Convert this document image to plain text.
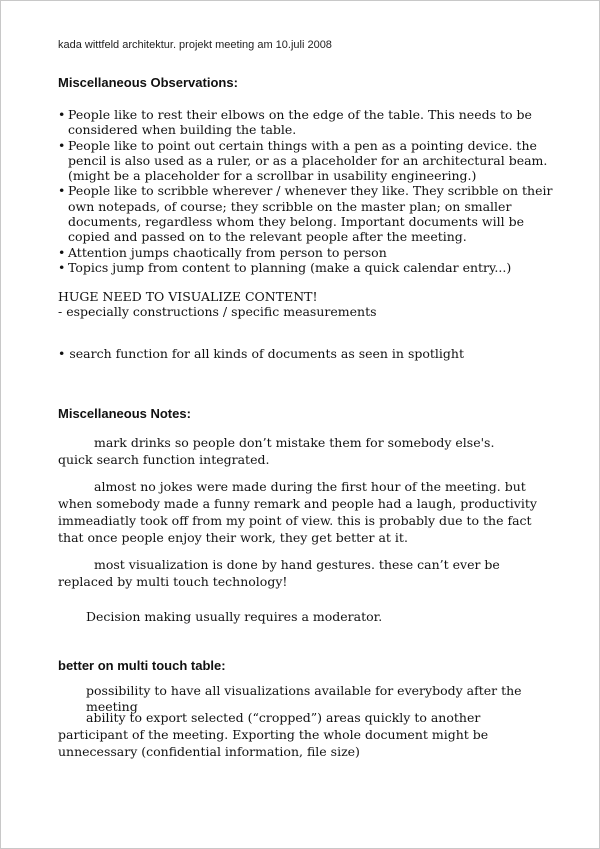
kada wittfeld architektur. projekt meeting am 10.juli 2008

Miscellaneous Observations:

• People like to rest their elbows on the edge of the table. This needs to be considered when building the table.
• People like to point out certain things with a pen as a pointing device. the pencil is also used as a ruler, or as a placeholder for an architectural beam. (might be a placeholder for a scrollbar in usability engineering.)
• People like to scribble wherever / whenever they like. They scribble on their own notepads, of course; they scribble on the master plan; on smaller documents, regardless whom they belong. Important documents will be copied and passed on to the relevant people after the meeting.
• Attention jumps chaotically from person to person
• Topics jump from content to planning (make a quick calendar entry...)

HUGE NEED TO VISUALIZE CONTENT!

- especially constructions / specific measurements

• search function for all kinds of documents as seen in spotlight

Miscellaneous Notes:

mark drinks so people don’t mistake them for somebody else's.

quick search function integrated.

almost no jokes were made during the first hour of the meeting. but when somebody made a funny remark and people had a laugh, productivity immeadiatly took off from my point of view. this is probably due to the fact that once people enjoy their work, they get better at it.

most visualization is done by hand gestures. these can’t ever be replaced by multi touch technology!

Decision making usually requires a moderator.

better on multi touch table:

possibility to have all visualizations available for everybody after the meeting

ability to export selected (“cropped”) areas quickly to another participant of the meeting. Exporting the whole document might be unnecessary (confidential information, file size)
